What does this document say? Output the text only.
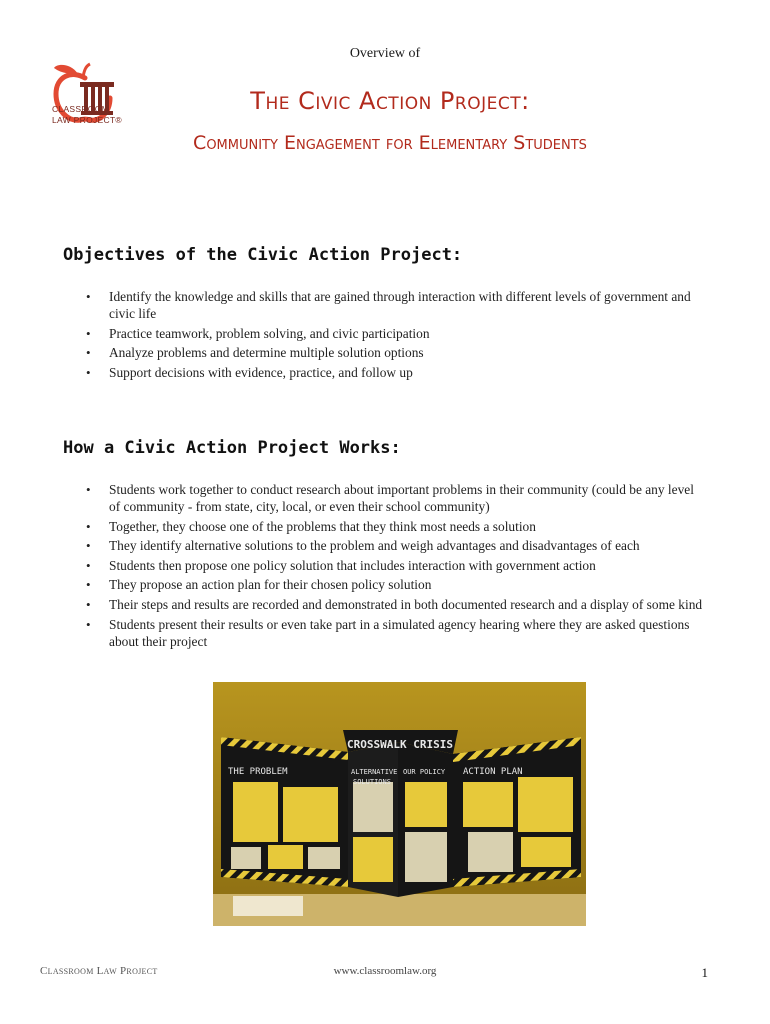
CLASSROOM
LAW PROJECT®
Overview of
The Civic Action Project:
Community Engagement for Elementary Students
Objectives of the Civic Action Project:
• Identify the knowledge and skills that are gained through interaction with different levels of government and civic life
• Practice teamwork, problem solving, and civic participation
• Analyze problems and determine multiple solution options
• Support decisions with evidence, practice, and follow up
How a Civic Action Project Works:
• Students work together to conduct research about important problems in their community (could be any level of community - from state, city, local, or even their school community)
• Together, they choose one of the problems that they think most needs a solution
• They identify alternative solutions to the problem and weigh advantages and disadvantages of each
• Students then propose one policy solution that includes interaction with government action
• They propose an action plan for their chosen policy solution
• Their steps and results are recorded and demonstrated in both documented research and a display of some kind
• Students present their results or even take part in a simulated agency hearing where they are asked questions about their project
CROSSWALK CRISIS
THE PROBLEM	ALTERNATIVE
SOLUTIONS
OUR POLICY ACTION PLAN
Classroom Law Project	www.classroomlaw.org	1
